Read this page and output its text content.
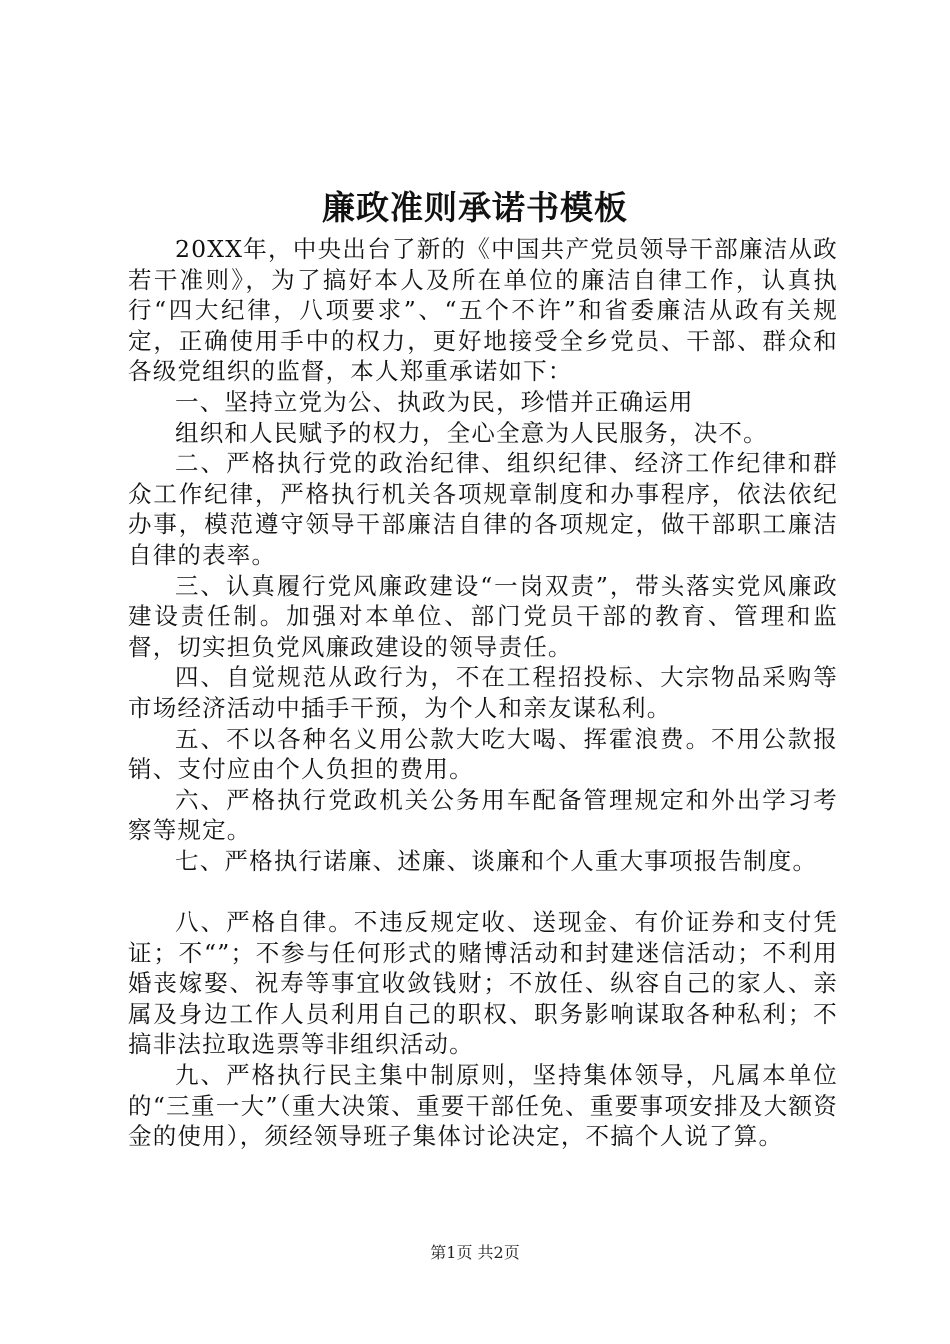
廉政准则承诺书模板

20XX年，中央出台了新的《中国共产党员领导干部廉洁从政若干准则》，为了搞好本人及所在单位的廉洁自律工作，认真执行“四大纪律，八项要求”、“五个不许”和省委廉洁从政有关规定，正确使用手中的权力，更好地接受全乡党员、干部、群众和各级党组织的监督，本人郑重承诺如下：

一、坚持立党为公、执政为民，珍惜并正确运用

组织和人民赋予的权力，全心全意为人民服务，决不。

二、严格执行党的政治纪律、组织纪律、经济工作纪律和群众工作纪律，严格执行机关各项规章制度和办事程序，依法依纪办事，模范遵守领导干部廉洁自律的各项规定，做干部职工廉洁自律的表率。

三、认真履行党风廉政建设“一岗双责”，带头落实党风廉政建设责任制。加强对本单位、部门党员干部的教育、管理和监督，切实担负党风廉政建设的领导责任。

四、自觉规范从政行为，不在工程招投标、大宗物品采购等市场经济活动中插手干预，为个人和亲友谋私利。

五、不以各种名义用公款大吃大喝、挥霍浪费。不用公款报销、支付应由个人负担的费用。

六、严格执行党政机关公务用车配备管理规定和外出学习考察等规定。

七、严格执行诺廉、述廉、谈廉和个人重大事项报告制度。

八、严格自律。不违反规定收、送现金、有价证券和支付凭证；不“”；不参与任何形式的赌博活动和封建迷信活动；不利用婚丧嫁娶、祝寿等事宜收敛钱财；不放任、纵容自己的家人、亲属及身边工作人员利用自己的职权、职务影响谋取各种私利；不搞非法拉取选票等非组织活动。

九、严格执行民主集中制原则，坚持集体领导，凡属本单位的“三重一大”（重大决策、重要干部任免、重要事项安排及大额资金的使用），须经领导班子集体讨论决定，不搞个人说了算。

第1页 共2页
